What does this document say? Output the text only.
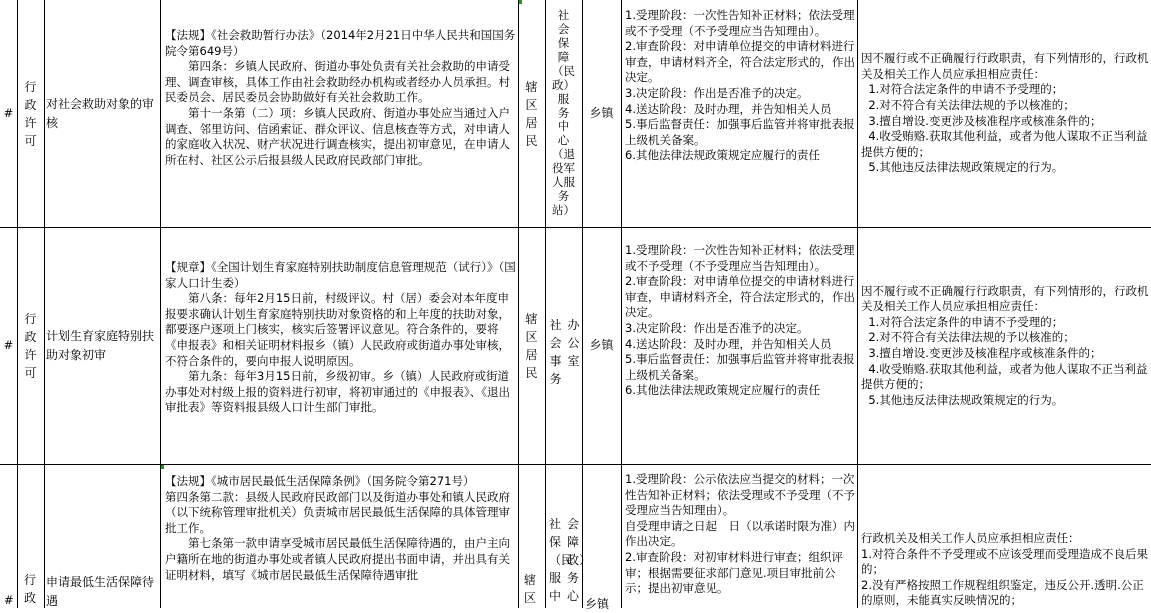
#
行
政
许
可
对社会救助对象的审核

【法规】《社会救助暂行办法》（2014年2月21日中华人民共和国国务院令第649号）

　　第四条：乡镇人民政府、街道办事处负责有关社会救助的申请受理、调查审核，具体工作由社会救助经办机构或者经办人员承担。村民委员会、居民委员会协助做好有关社会救助工作。

　　第十一条第（二）项：乡镇人民政府、街道办事处应当通过入户调查、邻里访问、信函索证、群众评议、信息核查等方式，对申请人的家庭收入状况、财产状况进行调查核实，提出初审意见，在申请人所在村、社区公示后报县级人民政府民政部门审批。

辖
区
居
民
社
会
保
障
（民
政）
服
务
中
心
（退
役军
人服
务
站）
乡镇

1.受理阶段：一次性告知补正材料；依法受理或不予受理（不予受理应当告知理由）。

2.审查阶段：对申请单位提交的申请材料进行审查，申请材料齐全，符合法定形式的，作出决定。

3.决定阶段：作出是否准予的决定。

4.送达阶段：及时办理，并告知相关人员

5.事后监督责任：加强事后监管并将审批表报上级机关备案。

6.其他法律法规政策规定应履行的责任

因不履行或不正确履行行政职责，有下列情形的，行政机关及相关工作人员应承担相应责任：

1.对符合法定条件的申请不予受理的；

2.对不符合有关法律法规的予以核准的；

3.擅自增设.变更涉及核准程序或核准条件的；

4.收受贿赂.获取其他利益，或者为他人谋取不正当利益提供方便的；

5.其他违反法律法规政策规定的行为。

#
行
政
许
可
计划生育家庭特别扶助对象初审

【规章】《全国计划生育家庭特别扶助制度信息管理规范（试行）》（国家人口计生委）

　　第八条：每年2月15日前，村级评议。村（居）委会对本年度申报要求确认计划生育家庭特别扶助对象资格的和上年度的扶助对象，都要逐户逐项上门核实，核实后签署评议意见。符合条件的，要将《申报表》和相关证明材料报乡（镇）人民政府或街道办事处审核，不符合条件的，要向申报人说明原因。

　　第九条：每年3月15日前，乡级初审。乡（镇）人民政府或街道办事处对村级上报的资料进行初审，将初审通过的《申报表》、《退出审批表》等资料报县级人口计生部门审批。

辖
区
居
民
社
会
事
务
办
公
室
乡镇

1.受理阶段：一次性告知补正材料；依法受理或不予受理（不予受理应当告知理由）。

2.审查阶段：对申请单位提交的申请材料进行审查，申请材料齐全，符合法定形式的，作出决定。

3.决定阶段：作出是否准予的决定。

4.送达阶段：及时办理，并告知相关人员

5.事后监督责任：加强事后监管并将审批表报上级机关备案。

6.其他法律法规政策规定应履行的责任

因不履行或不正确履行行政职责，有下列情形的，行政机关及相关工作人员应承担相应责任：

1.对符合法定条件的申请不予受理的；

2.对不符合有关法律法规的予以核准的；

3.擅自增设.变更涉及核准程序或核准条件的；

4.收受贿赂.获取其他利益，或者为他人谋取不正当利益提供方便的；

5.其他违反法律法规政策规定的行为。

#
行
政
申请最低生活保障待遇

【法规】《城市居民最低生活保障条例》（国务院令第271号）

第四条第二款：县级人民政府民政部门以及街道办事处和镇人民政府（以下统称管理审批机关）负责城市居民最低生活保障的具体管理审批工作。

　　第七条第一款申请享受城市居民最低生活保障待遇的，由户主向户籍所在地的街道办事处或者镇人民政府提出书面申请，并出具有关证明材料，填写《城市居民最低生活保障待遇审批	辖
区
社 会
保 障
（民
政）
服 务
中 心
乡镇

1.受理阶段：公示依法应当提交的材料；一次性告知补正材料；依法受理或不予受理（不予受理应当告知理由）。

自受理申请之日起　日（以承诺时限为准）内作出决定。

2.审查阶段：对初审材料进行审查；组织评审；根据需要征求部门意见.项目审批前公示；提出初审意见。

行政机关及相关工作人员应承担相应责任：

1.对符合条件不予受理或不应该受理而受理造成不良后果的；

2.没有严格按照工作规程组织鉴定，违反公开.透明.公正的原则，未能真实反映情况的；
